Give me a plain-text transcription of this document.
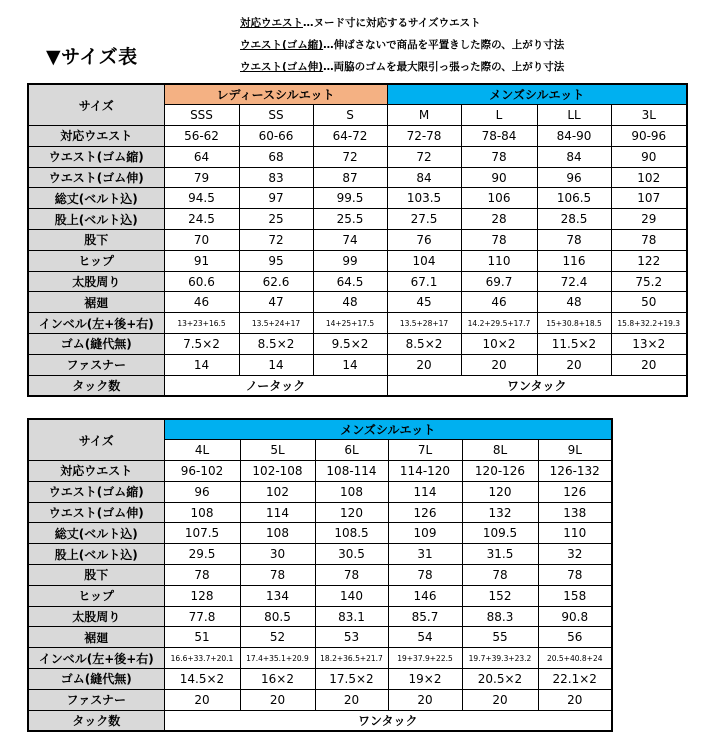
対応ウエスト…ヌード寸に対応するサイズウエスト
ウエスト(ゴム縮)…伸ばさないで商品を平置きした際の、上がり寸法
ウエスト(ゴム伸)…両脇のゴムを最大限引っ張った際の、上がり寸法
▼サイズ表
サイズ	レディースシルエット			メンズシルエット			
	SSS	SS	S	M	L	LL	3L
対応ウエスト	56-62	60-66	64-72	72-78	78-84	84-90	90-96
ウエスト(ゴム縮)	64	68	72	72	78	84	90
ウエスト(ゴム伸)	79	83	87	84	90	96	102
総丈(ベルト込)	94.5	97	99.5	103.5	106	106.5	107
股上(ベルト込)	24.5	25	25.5	27.5	28	28.5	29
股下	70	72	74	76	78	78	78
ヒップ	91	95	99	104	110	116	122
太股周り	60.6	62.6	64.5	67.1	69.7	72.4	75.2
裾廻	46	47	48	45	46	48	50
インベル(左+後+右)	13+23+16.5	13.5+24+17	14+25+17.5	13.5+28+17	14.2+29.5+17.7	15+30.8+18.5	15.8+32.2+19.3
ゴム(縫代無)	7.5×2	8.5×2	9.5×2	8.5×2	10×2	11.5×2	13×2
ファスナー	14	14	14	20	20	20	20
タック数	ノータック			ワンタック			
サイズ	メンズシルエット					
	4L	5L	6L	7L	8L	9L
対応ウエスト	96-102	102-108	108-114	114-120	120-126	126-132
ウエスト(ゴム縮)	96	102	108	114	120	126
ウエスト(ゴム伸)	108	114	120	126	132	138
総丈(ベルト込)	107.5	108	108.5	109	109.5	110
股上(ベルト込)	29.5	30	30.5	31	31.5	32
股下	78	78	78	78	78	78
ヒップ	128	134	140	146	152	158
太股周り	77.8	80.5	83.1	85.7	88.3	90.8
裾廻	51	52	53	54	55	56
インベル(左+後+右)	16.6+33.7+20.1	17.4+35.1+20.9	18.2+36.5+21.7	19+37.9+22.5	19.7+39.3+23.2	20.5+40.8+24
ゴム(縫代無)	14.5×2	16×2	17.5×2	19×2	20.5×2	22.1×2
ファスナー	20	20	20	20	20	20
タック数	ワンタック					
